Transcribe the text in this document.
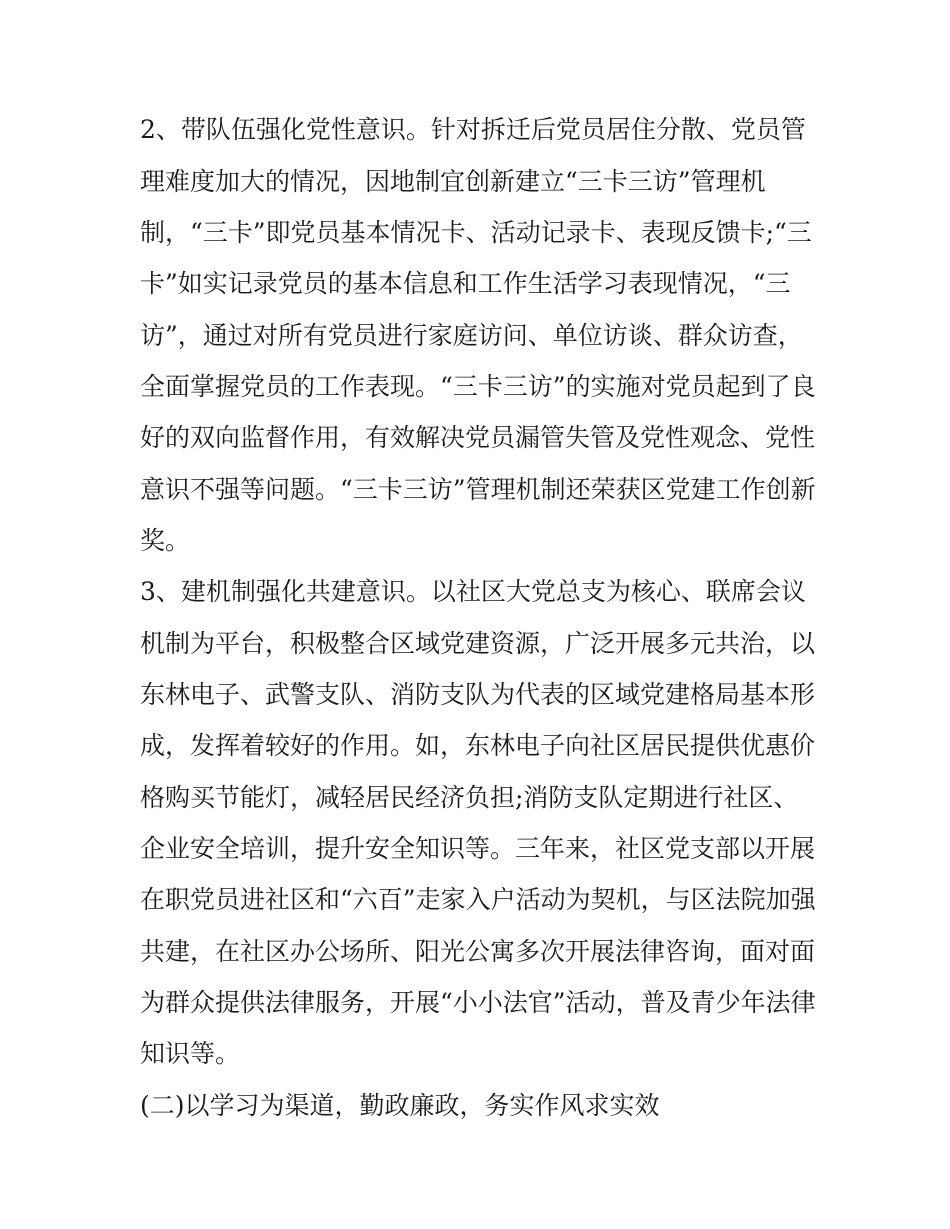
2、带队伍强化党性意识。针对拆迁后党员居住分散、党员管
理难度加大的情况，因地制宜创新建立“三卡三访”管理机
制，“三卡”即党员基本情况卡、活动记录卡、表现反馈卡;“三
卡”如实记录党员的基本信息和工作生活学习表现情况，“三
访”，通过对所有党员进行家庭访问、单位访谈、群众访查，
全面掌握党员的工作表现。“三卡三访”的实施对党员起到了良
好的双向监督作用，有效解决党员漏管失管及党性观念、党性
意识不强等问题。“三卡三访”管理机制还荣获区党建工作创新
奖。
3、建机制强化共建意识。以社区大党总支为核心、联席会议
机制为平台，积极整合区域党建资源，广泛开展多元共治，以
东林电子、武警支队、消防支队为代表的区域党建格局基本形
成，发挥着较好的作用。如，东林电子向社区居民提供优惠价
格购买节能灯，减轻居民经济负担;消防支队定期进行社区、
企业安全培训，提升安全知识等。三年来，社区党支部以开展
在职党员进社区和“六百”走家入户活动为契机，与区法院加强
共建，在社区办公场所、阳光公寓多次开展法律咨询，面对面
为群众提供法律服务，开展“小小法官”活动，普及青少年法律
知识等。
(二)以学习为渠道，勤政廉政，务实作风求实效
